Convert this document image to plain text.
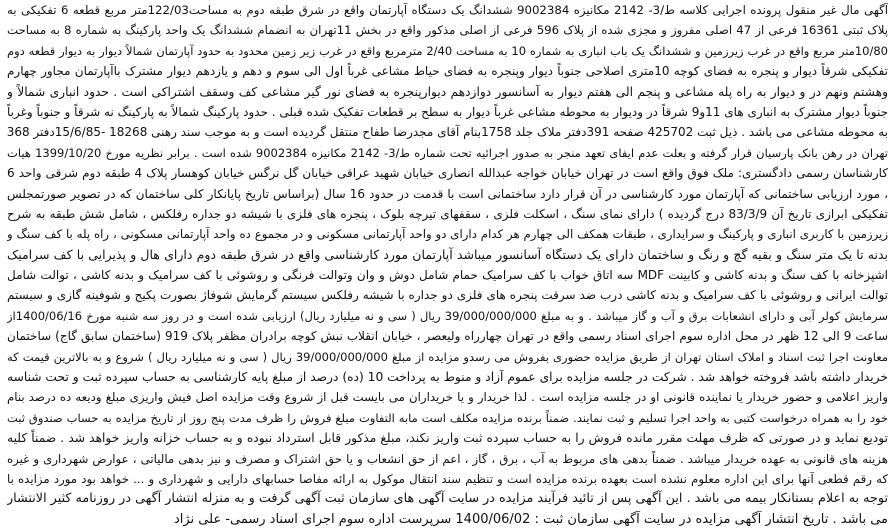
آگهی مال غیر منقول پرونده اجرایی کلاسه ط/3- 2142 مکانیزه 9002384 ششدانگ یک دستگاه آپارتمان واقع در شرق طبقه دوم به مساحت122/03متر مربع قطعه 6 تفکیکی به
پلاک ثبتی 16361 فرعی از 47 اصلی مفروز و مجزی شده از پلاک 596 فرعی از اصلی مذکور واقع در بخش 11تهران به انضمام ششدانگ یک واحد پارکینگ به شماره 8 به مساحت
10/80متر مربع واقع در غرب زیرزمین و ششدانگ یک باب انباری به شماره 10 به مساحت 2/40 مترمربع واقع در غرب زیر زمین محدود به حدود آپارتمان شمالاً دیوار به دیوار قطعه دوم
تفکیکی شرقاً دیوار و پنجره به فضای کوچه 10متری اصلاحی جنوباً دیوار وپنجره به فضای حیاط مشاعی غرباً اول الی سوم و دهم و یازدهم دیوار مشترک باآپارتمان مجاور چهارم
وهشتم ونهم در و دیوار به راه پله مشاعی و پنجم الی هفتم دیوار به آسانسور دوازدهم دیوارپنجره به فضای نور گیر مشاعی کف وسقف اشتراکی است . حدود انباری شمالاً و
جنوباً دیوار مشترک به انباری های 11و9 شرقاً در ودیوار به محوطه مشاعی غرباً دیوار به سطح بر قطعات تفکیک شده قبلی . حدود پارکینگ شمالاً به پارکینگ نه شرقاً و جنوباً وغرباً
به محوطه مشاعی می باشد . ذیل ثبت 425702 صفحه 391دفتر ملاک جلد 1758بنام آقای مجدرضا طفاح منتقل گردیده است و به موجب سند رهنی 18268 -15/6/85دفتر 368
تهران در رهن بانک پارسیان قرار گرفته و بعلت عدم ایفای تعهد منجر به صدور اجرائیه تحت شماره ط/3- 2142 مکانیزه 9002384 شده است . برابر نظریه مورخ 1399/10/20 هیات
کارشناسان رسمی دادگستری: ملک فوق واقع است در تهران خیابان خواجه عبدالله انصاری خیابان شهید عراقی خیابان گل نرگس خیابان کوهسار پلاک 4 طبقه دوم شرقی واحد 6
، مورد ارزیابی ساختمانی که آپارتمان مورد کارشناسی در آن قرار دارد ساختمانی است با قدمت در حدود 16 سال (براساس تاریخ پایانکار کلی ساختمان که در تصویر صورتمجلس
تفکیکی ابرازی تاریخ آن 83/3/9 درج گردیده ) دارای نمای سنگ ، اسکلت فلزی ، سقفهای تیرچه بلوک ، پنجره های فلزی با شیشه دو جداره رفلکس ، شامل شش طبقه به شرح
زیرزمین با کاربری انباری و پارکینگ و سرایداری ، طبقات همکف الی چهارم هر کدام دارای دو واحد آپارتمانی مسکونی و در مجموع ده واحد آپارتمانی مسکونی ، راه پله با کف سنگ و
بدنه تا یک متر سنگ و بقیه گچ و رنگ و ساختمان دارای یک دستگاه آسانسور میباشد آپارتمان مورد کارشناسی واقع در شرق طبقه دوم دارای هال و پذیرایی با کف سرامیک
اشپزخانه با کف سنگ و بدنه کاشی و کابینت MDF سه اتاق خواب با کف سرامیک حمام شامل دوش و وان وتوالت فرنگی و روشوئی با کف سرامیک و بدنه کاشی ، توالت شامل
توالت ایرانی و روشوئی با کف سرامیک و بدنه کاشی درب ضد سرقت پنجره های فلزی دو جداره با شیشه رفلکس سیستم گرمایش شوفاژ بصورت پکیج و شوفینه گازی و سیستم
سرمایش کولر آبی و دارای انشعابات برق و آب و گاز میباشد . و به مبلغ 39/000/000/000 ریال ( سی و نه میلیارد ریال) ارزیابی شده است و در روز سه شنبه مورخ 1400/06/16از
ساعت 9 الی 12 ظهر در محل اداره سوم اجرای اسناد رسمی واقع در تهران چهارراه ولیعصر ، خیابان انقلاب نبش کوچه برادران مظفر پلاک 919 (ساختمان سابق گاج) ساختمان
معاونت اجرا ثبت اسناد و املاک استان تهران از طریق مزایده حضوری بفروش می رسدو مزایده از مبلغ 39/000/000/000 ریال ( سی و نه میلیارد ریال ) شروع و به بالاترین قیمت که
خریدار داشته باشد فروخته خواهد شد . شرکت در جلسه مزایده برای عموم آزاد و منوط به پرداخت 10 (ده) درصد از مبلغ پایه کارشناسی به حساب سپرده ثبت و تحت شناسه
واریز اعلامی و حضور خریدار یا نماینده قانونی او در جلسه مزایده است . لذا خریدار و یا خریداران می بایست قبل از شروع وقت مزایده اصل فیش واریزی مبلغ ودیعه ده درصد بنام
خود را به همراه درخواست کتبی به واحد اجرا تسلیم و ثبت نمایند. ضمناً برنده مزایده مکلف است مابه التفاوت مبلغ فروش را ظرف مدت پنج روز از تاریخ مزایده به حساب صندوق ثبت
تودیع نماید و در صورتی که ظرف مهلت مقرر مانده فروش را به حساب سپرده ثبت واریز نکند، مبلغ مذکور قابل استرداد نبوده و به حساب خزانه واریز خواهد شد . ضمناً کلیه
هزینه های قانونی به عهده خریدار میباشد . ضمناً بدهی های مربوط به آب ، برق ، گاز ، اعم از حق انشعاب و یا حق اشتراک و مصرف و نیز بدهی مالیاتی ، عوارض شهرداری و غیره
که رقم قطعی آنها برای این اداره معلوم نشده است بعهده برنده مزایده است و تنظیم سند انتقال موکول به ارائه مفاصا حسابهای دارایی و شهرداری و ... خواهد بود مورد مزایده با
توجه به اعلام بستانکار بیمه می باشد . این آگهی پس از تائید فرآیند مزایده در سایت آگهی های سازمان ثبت آگهی گرفت و به منزله انتشار آگهی در روزنامه کثیر الانتشار
می باشد . تاریخ انتشار آگهی مزایده در سایت آگهی سازمان ثبت : 1400/06/02 سرپرست اداره سوم اجرای اسناد رسمی- علی نژاد
